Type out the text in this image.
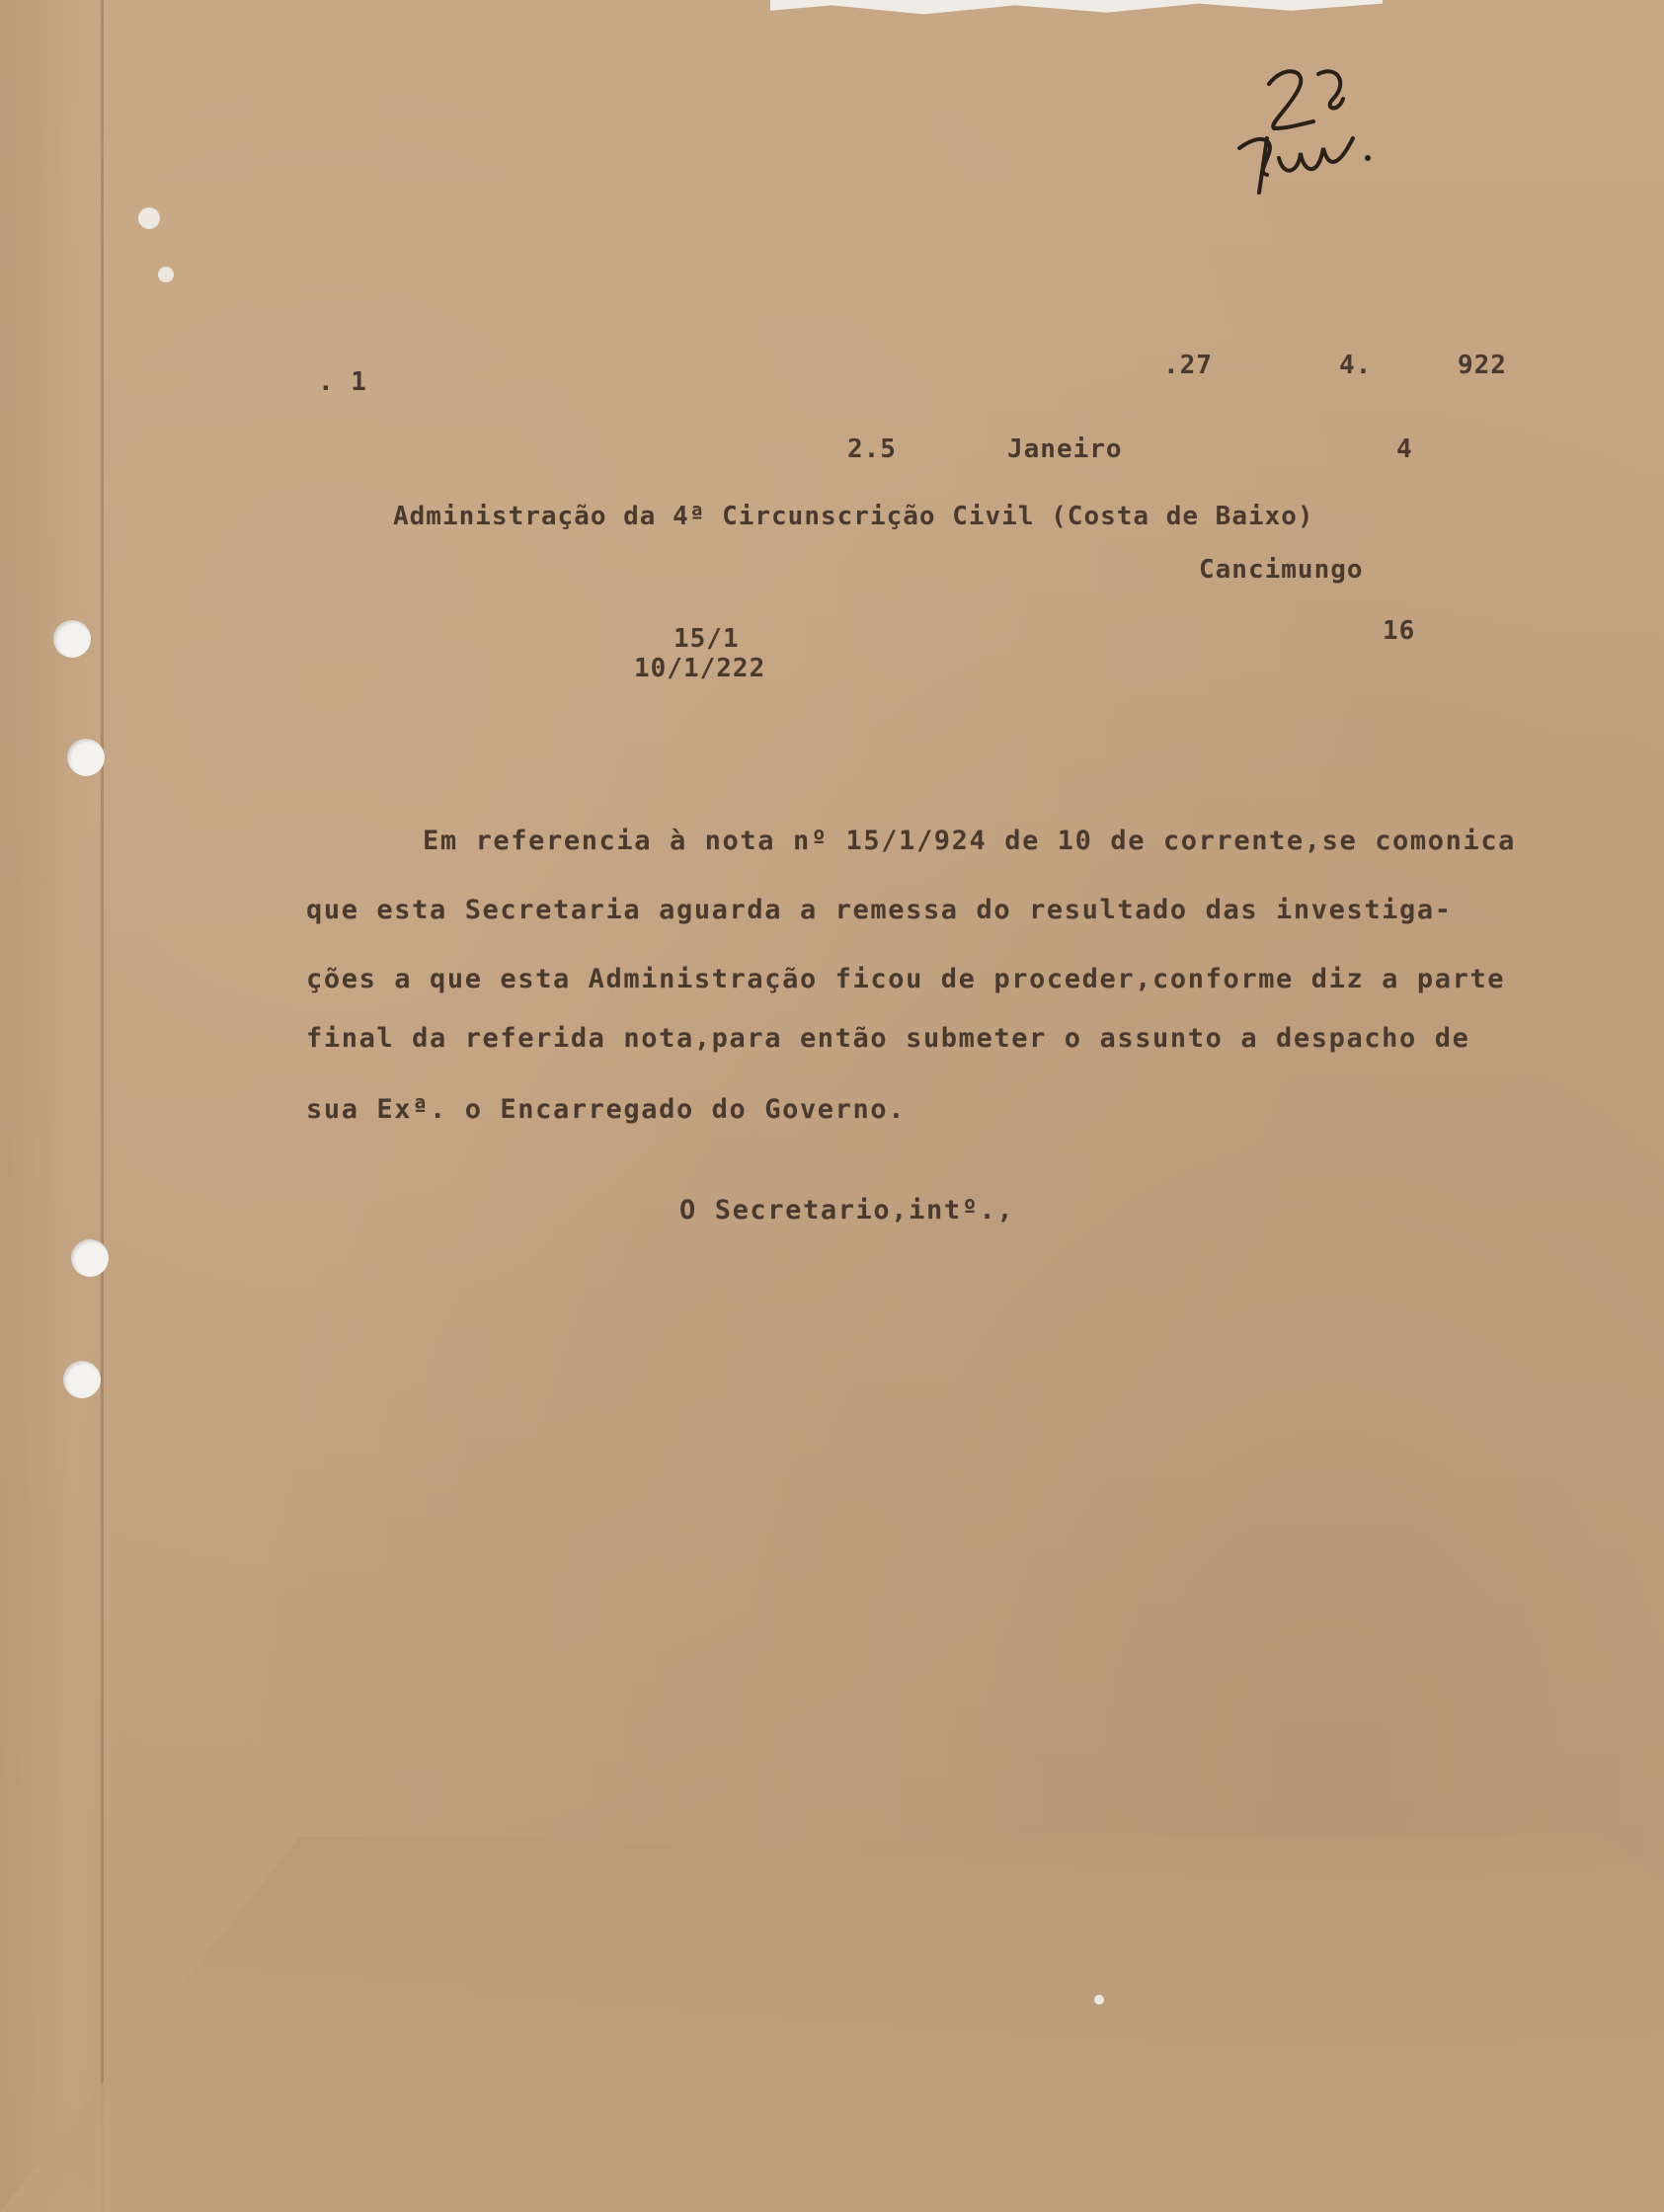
. 1
.27	4.	922
2.5	Janeiro	4
Administração da 4ª Circunscrição Civil (Costa de Baixo)
Cancimungo
16
15/1
10/1/222
Em referencia à nota nº 15/1/924 de 10 de corrente,se comonica
que esta Secretaria aguarda a remessa do resultado das investiga-
ções a que esta Administração ficou de proceder,conforme diz a parte
final da referida nota,para então submeter o assunto a despacho de
sua Exª. o Encarregado do Governo.
O Secretario,intº.,
